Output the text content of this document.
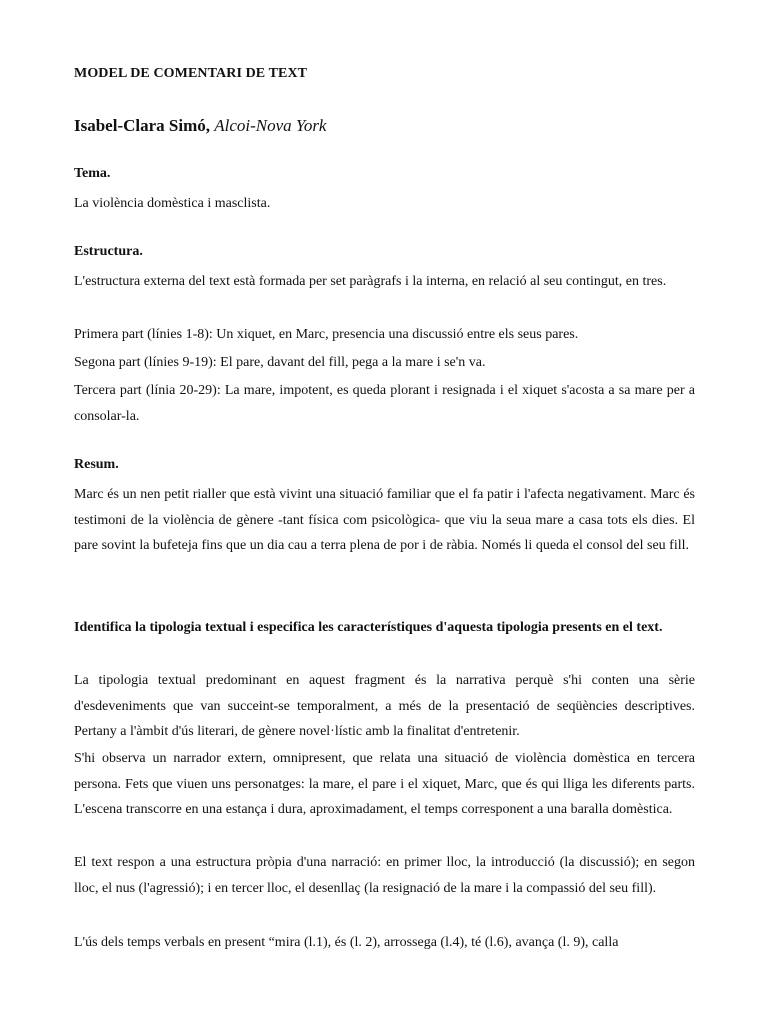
MODEL DE COMENTARI DE TEXT
Isabel-Clara Simó, Alcoi-Nova York
Tema.

La violència domèstica i masclista.

Estructura.

L'estructura externa del text està formada per set paràgrafs i la interna, en relació al seu contingut, en tres.

Primera part (línies 1-8): Un xiquet, en Marc, presencia una discussió entre els seus pares.

Segona part (línies 9-19): El pare, davant del fill, pega a la mare i se'n va.

Tercera part (línia 20-29): La mare, impotent, es queda plorant i resignada i el xiquet s'acosta a sa mare per a consolar-la.

Resum.

Marc és un nen petit rialler que està vivint una situació familiar que el fa patir i l'afecta negativament. Marc és testimoni de la violència de gènere -tant física com psicològica- que viu la seua mare a casa tots els dies. El pare sovint la bufeteja fins que un dia cau a terra plena de por i de ràbia. Només li queda el consol del seu fill.

Identifica la tipologia textual i especifica les característiques d'aquesta tipologia presents en el text.

La tipologia textual predominant en aquest fragment és la narrativa perquè s'hi conten una sèrie d'esdeveniments que van succeint-se temporalment, a més de la presentació de seqüències descriptives. Pertany a l'àmbit d'ús literari, de gènere novel·lístic amb la finalitat d'entretenir.

S'hi observa un narrador extern, omnipresent, que relata una situació de violència domèstica en tercera persona. Fets que viuen uns personatges: la mare, el pare i el xiquet, Marc, que és qui lliga les diferents parts. L'escena transcorre en una estança i dura, aproximadament, el temps corresponent a una baralla domèstica.

El text respon a una estructura pròpia d'una narració: en primer lloc, la introducció (la discussió); en segon lloc, el nus (l'agressió); i en tercer lloc, el desenllaç (la resignació de la mare i la compassió del seu fill).

L'ús dels temps verbals en present “mira (l.1), és (l. 2), arrossega (l.4), té (l.6), avança (l. 9), calla
